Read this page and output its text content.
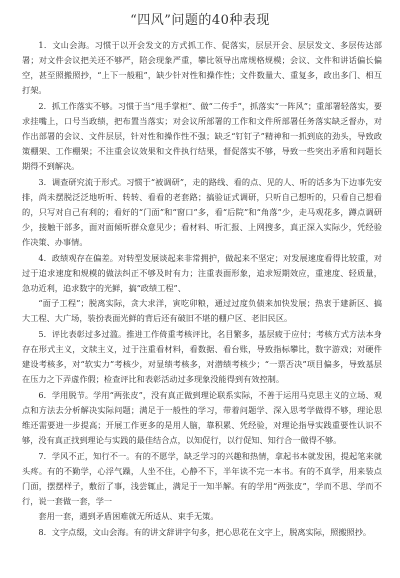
“四风”问题的40种表现

1．文山会海。习惯于以开会发文的方式抓工作、促落实，层层开会、层层发文、多层传达部署；对文件会议把关还不够严，陪会现象严重，攀比领导出席规格规模；会议、文件和讲话偏长偏空，甚至照搬照抄，“上下一般粗”，缺少针对性和操作性；文件数量大、重复多，政出多门、相互打架。

2．抓工作落实不够。习惯于当“甩手掌柜”、做“二传手”，抓落实“一阵风”；重部署轻落实，要求挂嘴上，口号当政绩，把布置当落实；对会议所部署的工作和文件所部署任务落实缺乏督办，对作出部署的会议、文件层层，针对性和操作性不强；缺乏“钉钉子”精神和一抓到底的劲头，导致政策棚架、工作棚架；不注重会议效果和文件执行结果，督促落实不够，导致一些突出矛盾和问题长期得不到解决。

3．调查研究流于形式。习惯于“被调研”，走的路线、看的点、见的人、听的话多为下边事先安排，尚未摆脱泛泛地听听、转转、看看的老套路；搞验证式调研，只听自己想听的，只看自己想看的，只写对自己有利的；看好的“门面”和“窗口”多，看“后院”和“角落”少，走马观花多，蹲点调研少，接触干部多，面对面倾听群众意见少；看材料、听汇报、上网搜多，真正深入实际少，凭经验作决策、办事情。

4．政绩观存在偏差。对转型发展谈起来非常拥护，做起来不坚定；对发展速度看得比较重，对过于追求速度和规模的做法纠正不够及时有力；注重表面形象，追求短期效应，重速度、轻质量，急功近利，追求数字的光鲜，搞“政绩工程”、

“面子工程”；脱离实际，贪大求洋，寅吃卯粮，通过过度负债来加快发展；热衷于建新区、搞大工程、大广场，装扮表面光鲜的背后还有破旧不堪的棚户区、老旧民区。

5．评比表彰过多过滥。推进工作倚重考核评比，名目繁多，基层疲于应付；考核方式方法本身存在形式主义，文牍主义，过于注重看材料，看数据、看台账，导致指标攀比，数字游戏；对硬件建设考核多，对“软实力”考核少，对显绩考核多，对潜绩考核少；“一票否决”项目偏多，导致基层在压力之下弄虚作假；检查评比和表彰活动过多现象没能得到有效控制。

6．学用脱节。学用“两张皮”，没有真正做到理论联系实际，不善于运用马克思主义的立场、观点和方法去分析解决实际问题；满足于一般性的学习，带着问题学、深入思考学做得不够，理论思维还需要进一步提高；开展工作更多的是用人脑，靠积累、凭经验，对理论指导实践重要性认识不够，没有真正找到理论与实践的最佳结合点，以知促行，以行促知、知行合一做得不够。

7．学风不正，知行不一。有的不愿学，缺乏学习的兴趣和热情，拿起书本就发困，提起笔来就头疼。有的不勤学，心浮气躁，人坐不住，心静不下，半年读不完一本书。有的不真学，用来装点门面，摆摆样子，敷衍了事，浅尝辄止，满足于一知半解。有的学用“两张皮”，学而不思、学而不行，说一套做一套，学一

套用一套，遇到矛盾困难就无所适从、束手无策。

8．文字点缀，文山会海。有的讲文辞讲字句多，把心思花在文字上，脱离实际，照搬照抄。
